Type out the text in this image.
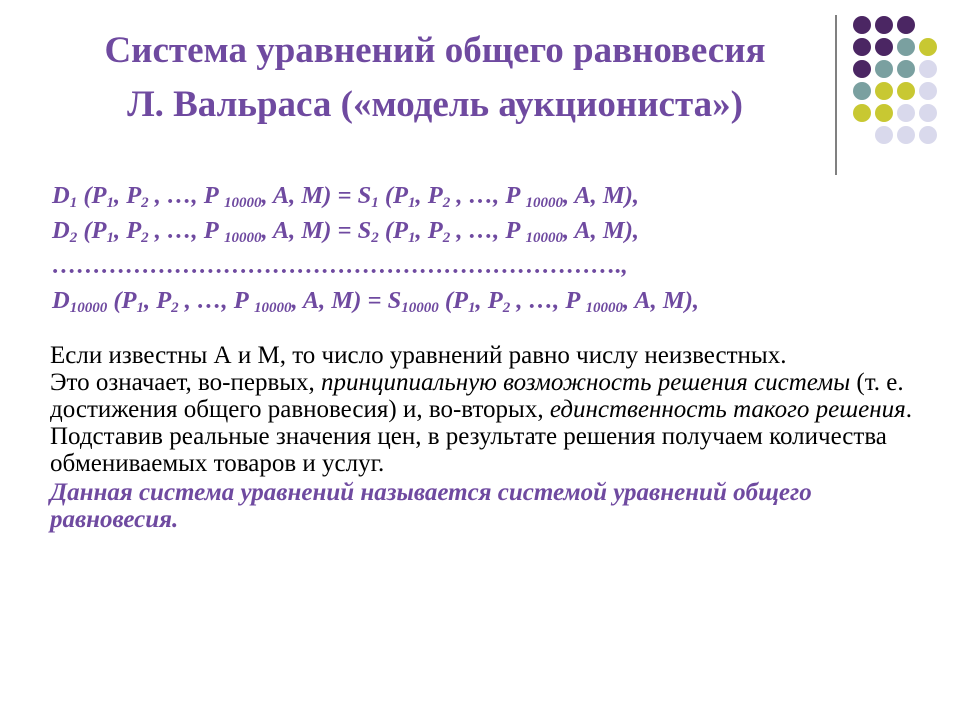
Система уравнений общего равновесия
Л. Вальраса («модель аукциониста»)
$D_1$ ($P_1$, $P_2$ , …, P $_{10000}$, A, $M) = S_1$ ($P_1$, $P_2$ , …, P $_{10000}$, A, M),
$D_2$ ($P_1$, $P_2$ , …, P $_{10000}$, A, $M) = S_2$ ($P_1$, $P_2$ , …, P $_{10000}$, A, M),
…………………………………………………………….,
$D_{10000}$ ($P_1$, $P_2$ , …, P $_{10000}$, A, $M) = S_{10000}$ ($P_1$, $P_2$ , …, P $_{10000}$, A, M),

Если известны А и М, то число уравнений равно числу неизвестных.

Это означает, во-первых, принципиальную возможность решения системы (т. е. достижения общего равновесия) и, во-вторых, единственность такого решения. Подставив реальные значения цен, в результате решения получаем количества обмениваемых товаров и услуг.

Данная система уравнений называется системой уравнений общего равновесия.
